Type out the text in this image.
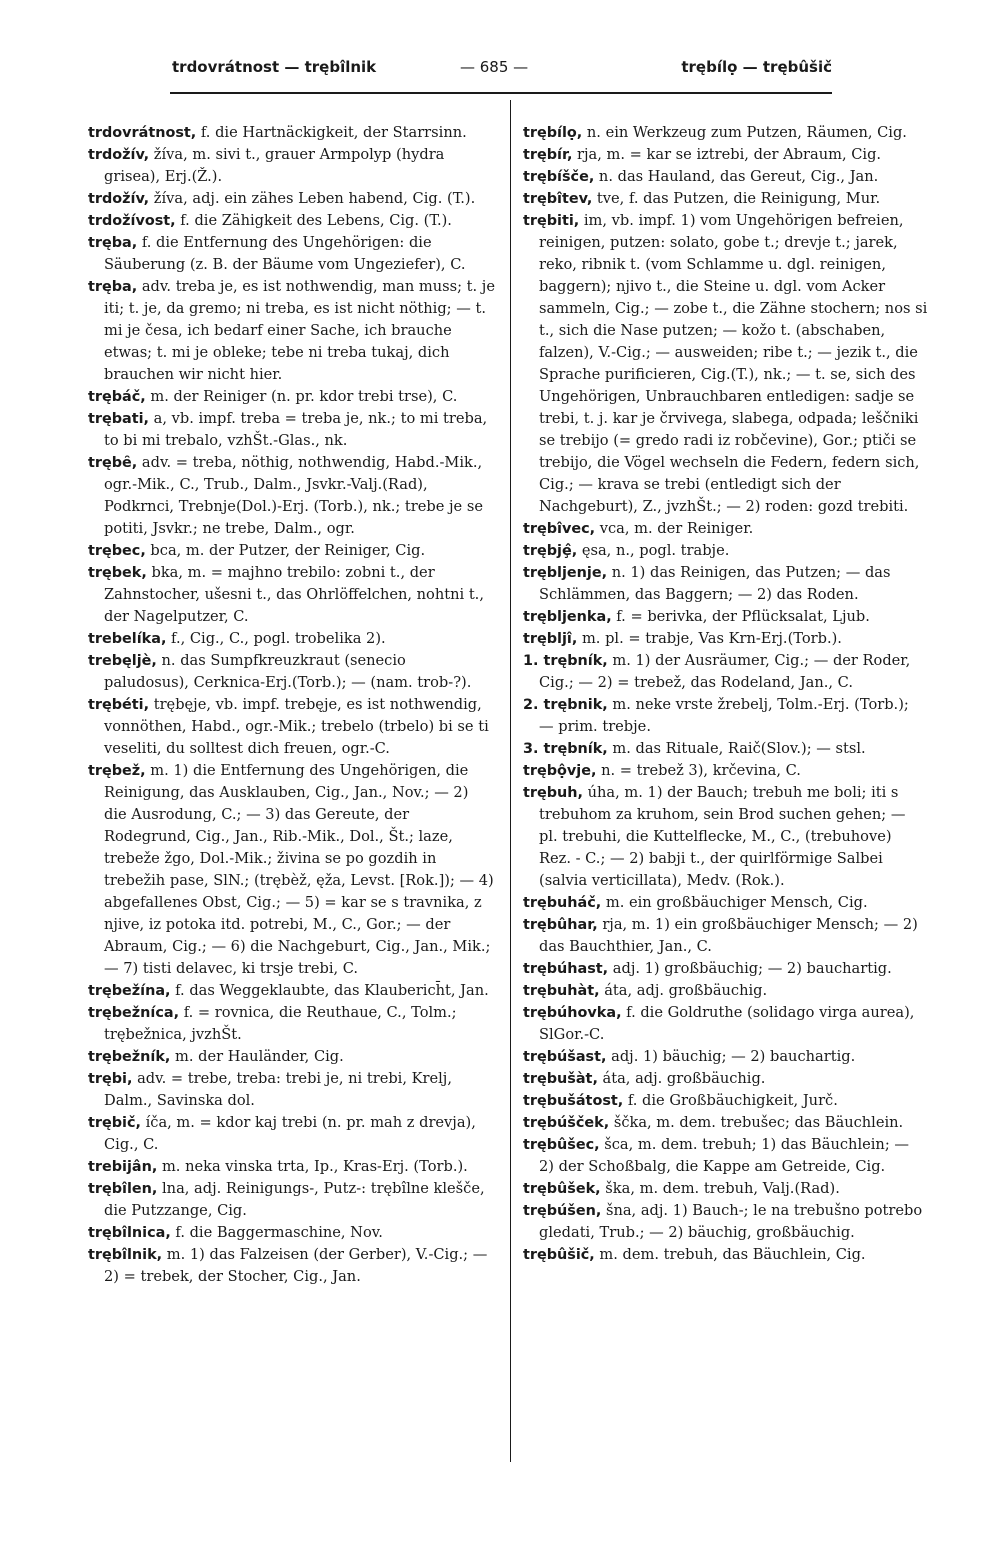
trdovrátnost — trębîlnik	— 685 —	trębílọ — trębûšič

trdovrátnost, f. die Hartnäckigkeit, der Starrsinn.

trdožív, žíva, m. sivi t., grauer Armpolyp (hydra grisea), Erj.(Ž.).

trdožív, žíva, adj. ein zähes Leben habend, Cig. (T.).

trdožívost, f. die Zähigkeit des Lebens, Cig. (T.).

tręba, f. die Entfernung des Ungehörigen: die Säuberung (z. B. der Bäume vom Ungeziefer), C.

tręba, adv. treba je, es ist nothwendig, man muss; t. je iti; t. je, da gremo; ni treba, es ist nicht nöthig; — t. mi je česa, ich bedarf einer Sache, ich brauche etwas; t. mi je obleke; tebe ni treba tukaj, dich brauchen wir nicht hier.

trębáč, m. der Reiniger (n. pr. kdor trebi trse), C.

trębati, a, vb. impf. treba = treba je, nk.; to mi treba, to bi mi trebalo, vzhŠt.-Glas., nk.

trębȇ, adv. = treba, nöthig, nothwendig, Habd.-Mik., ogr.-Mik., C., Trub., Dalm., Jsvkr.-Valj.(Rad), Podkrnci, Trebnje(Dol.)-Erj. (Torb.), nk.; trebe je se potiti, Jsvkr.; ne trebe, Dalm., ogr.

trębec, bca, m. der Putzer, der Reiniger, Cig.

trębek, bka, m. = majhno trebilo: zobni t., der Zahnstocher, ušesni t., das Ohrlöffelchen, nohtni t., der Nagelputzer, C.

trebelíka, f., Cig., C., pogl. trobelika 2).

trebęljè, n. das Sumpfkreuzkraut (senecio paludosus), Cerknica-Erj.(Torb.); — (nam. trob-?).

trębéti, trębęje, vb. impf. trebęje, es ist nothwendig, vonnöthen, Habd., ogr.-Mik.; trebelo (trbelo) bi se ti veseliti, du solltest dich freuen, ogr.-C.

trębež, m. 1) die Entfernung des Ungehörigen, die Reinigung, das Ausklauben, Cig., Jan., Nov.; — 2) die Ausrodung, C.; — 3) das Gereute, der Rodegrund, Cig., Jan., Rib.-Mik., Dol., Št.; laze, trebeže žgo, Dol.-Mik.; živina se po gozdih in trebežih pase, SlN.; (trębèž, ęža, Levst. [Rok.]); — 4) abgefallenes Obst, Cig.; — 5) = kar se s travnika, z njive, iz potoka itd. potrebi, M., C., Gor.; — der Abraum, Cig.; — 6) die Nachgeburt, Cig., Jan., Mik.; — 7) tisti delavec, ki trsje trebi, C.

trębežína, f. das Weggeklaubte, das Klauberich̄t, Jan.

trębežníca, f. = rovnica, die Reuthaue, C., Tolm.; trębežnica, jvzhŠt.

trębežník, m. der Hauländer, Cig.

trębi, adv. = trebe, treba: trebi je, ni trebi, Krelj, Dalm., Savinska dol.

trębič, íča, m. = kdor kaj trebi (n. pr. mah z drevja), Cig., C.

trebijân, m. neka vinska trta, Ip., Kras-Erj. (Torb.).

trębîlen, lna, adj. Reinigungs-, Putz-: trębîlne klešče, die Putzzange, Cig.

trębîlnica, f. die Baggermaschine, Nov.

trębîlnik, m. 1) das Falzeisen (der Gerber), V.-Cig.; — 2) = trebek, der Stocher, Cig., Jan.

trębílọ, n. ein Werkzeug zum Putzen, Räumen, Cig.

trębír, rja, m. = kar se iztrebi, der Abraum, Cig.

trębíšče, n. das Hauland, das Gereut, Cig., Jan.

trębîtev, tve, f. das Putzen, die Reinigung, Mur.

trębiti, im, vb. impf. 1) vom Ungehörigen befreien, reinigen, putzen: solato, gobe t.; drevje t.; jarek, reko, ribnik t. (vom Schlamme u. dgl. reinigen, baggern); njivo t., die Steine u. dgl. vom Acker sammeln, Cig.; — zobe t., die Zähne stochern; nos si t., sich die Nase putzen; — kožo t. (abschaben, falzen), V.-Cig.; — ausweiden; ribe t.; — jezik t., die Sprache purificieren, Cig.(T.), nk.; — t. se, sich des Ungehörigen, Unbrauchbaren entledigen: sadje se trebi, t. j. kar je črvivega, slabega, odpada; leščniki se trebijo (= gredo radi iz robčevine), Gor.; ptiči se trebijo, die Vögel wechseln die Federn, federn sich, Cig.; — krava se trebi (entledigt sich der Nachgeburt), Z., jvzhŠt.; — 2) roden: gozd trebiti.

trębîvec, vca, m. der Reiniger.

trębjȩ̂, ęsa, n., pogl. trabje.

trębljenje, n. 1) das Reinigen, das Putzen; — das Schlämmen, das Baggern; — 2) das Roden.

trębljenka, f. = berivka, der Pflücksalat, Ljub.

trębljî, m. pl. = trabje, Vas Krn-Erj.(Torb.).

1. trębník, m. 1) der Ausräumer, Cig.; — der Roder, Cig.; — 2) = trebež, das Rodeland, Jan., C.

2. trębnik, m. neke vrste žrebelj, Tolm.-Erj. (Torb.); — prim. trebje.

3. trębník, m. das Rituale, Raič(Slov.); — stsl.

trębộvje, n. = trebež 3), krčevina, C.

trębuh, úha, m. 1) der Bauch; trebuh me boli; iti s trebuhom za kruhom, sein Brod suchen gehen; — pl. trebuhi, die Kuttelflecke, M., C., (trebuhove) Rez. - C.; — 2) babji t., der quirlförmige Salbei (salvia verticillata), Medv. (Rok.).

trębuháč, m. ein großbäuchiger Mensch, Cig.

trębûhar, rja, m. 1) ein großbäuchiger Mensch; — 2) das Bauchthier, Jan., C.

trębúhast, adj. 1) großbäuchig; — 2) bauchartig.

trębuhàt, áta, adj. großbäuchig.

trębúhovka, f. die Goldruthe (solidago virga aurea), SlGor.-C.

trębúšast, adj. 1) bäuchig; — 2) bauchartig.

trębušàt, áta, adj. großbäuchig.

trębušátost, f. die Großbäuchigkeit, Jurč.

trębúšček, ščka, m. dem. trebušec; das Bäuchlein.

trębûšec, šca, m. dem. trebuh; 1) das Bäuchlein; — 2) der Schoßbalg, die Kappe am Getreide, Cig.

trębûšek, ška, m. dem. trebuh, Valj.(Rad).

trębúšen, šna, adj. 1) Bauch-; le na trebušno potrebo gledati, Trub.; — 2) bäuchig, großbäuchig.

trębûšič, m. dem. trebuh, das Bäuchlein, Cig.
